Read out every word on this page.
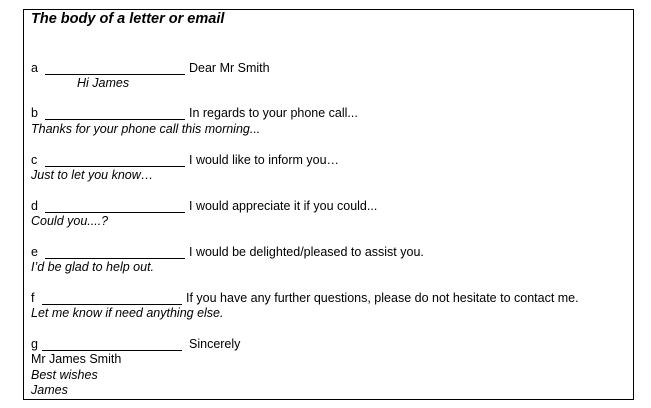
The body of a letter or email
a	Dear Mr Smith
Hi James
b	In regards to your phone call...
Thanks for your phone call this morning...
c	I would like to inform you…
Just to let you know…
d	I would appreciate it if you could...
Could you....?
e	I would be delighted/pleased to assist you.
I’d be glad to help out.
f	If you have any further questions, please do not hesitate to contact me.
Let me know if need anything else.
g	Sincerely
Mr James Smith
Best wishes
James
